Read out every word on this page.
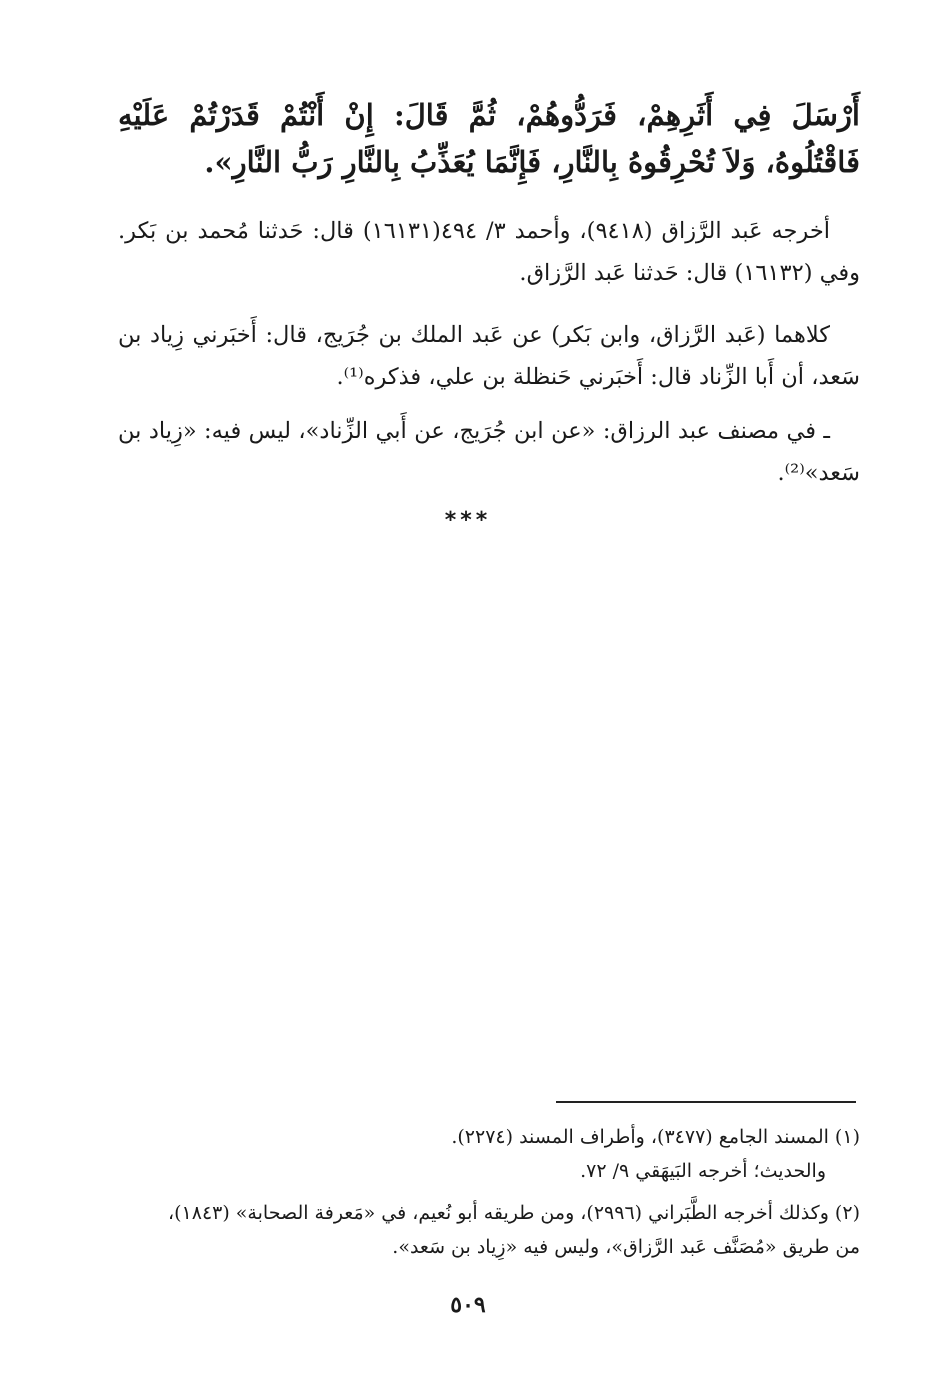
أَرْسَلَ فِي أَثَرِهِمْ، فَرَدُّوهُمْ، ثُمَّ قَالَ: إِنْ أَنْتُمْ قَدَرْتُمْ عَلَيْهِ فَاقْتُلُوهُ، وَلاَ تُحْرِقُوهُ بِالنَّارِ، فَإِنَّمَا يُعَذِّبُ بِالنَّارِ رَبُّ النَّارِ».

أخرجه عَبد الرَّزاق (٩٤١٨)، وأحمد ٣/ ٤٩٤(١٦١٣١) قال: حَدثنا مُحمد بن بَكر. وفي (١٦١٣٢) قال: حَدثنا عَبد الرَّزاق.

كلاهما (عَبد الرَّزاق، وابن بَكر) عن عَبد الملك بن جُرَيج، قال: أَخبَرني زِياد بن سَعد، أن أَبا الزِّناد قال: أَخبَرني حَنظلة بن علي، فذكره⁽¹⁾.

ـ في مصنف عبد الرزاق: «عن ابن جُرَيج، عن أَبي الزِّناد»، ليس فيه: «زِياد بن سَعد»⁽²⁾.

***

(١) المسند الجامع (٣٤٧٧)، وأطراف المسند (٢٢٧٤).

والحديث؛ أخرجه البَيهَقي ٩/ ٧٢.

(٢) وكذلك أخرجه الطَّبَراني (٢٩٩٦)، ومن طريقه أبو نُعيم، في «مَعرفة الصحابة» (١٨٤٣)،

من طريق «مُصَنَّف عَبد الرَّزاق»، وليس فيه «زِياد بن سَعد».

٥٠٩
